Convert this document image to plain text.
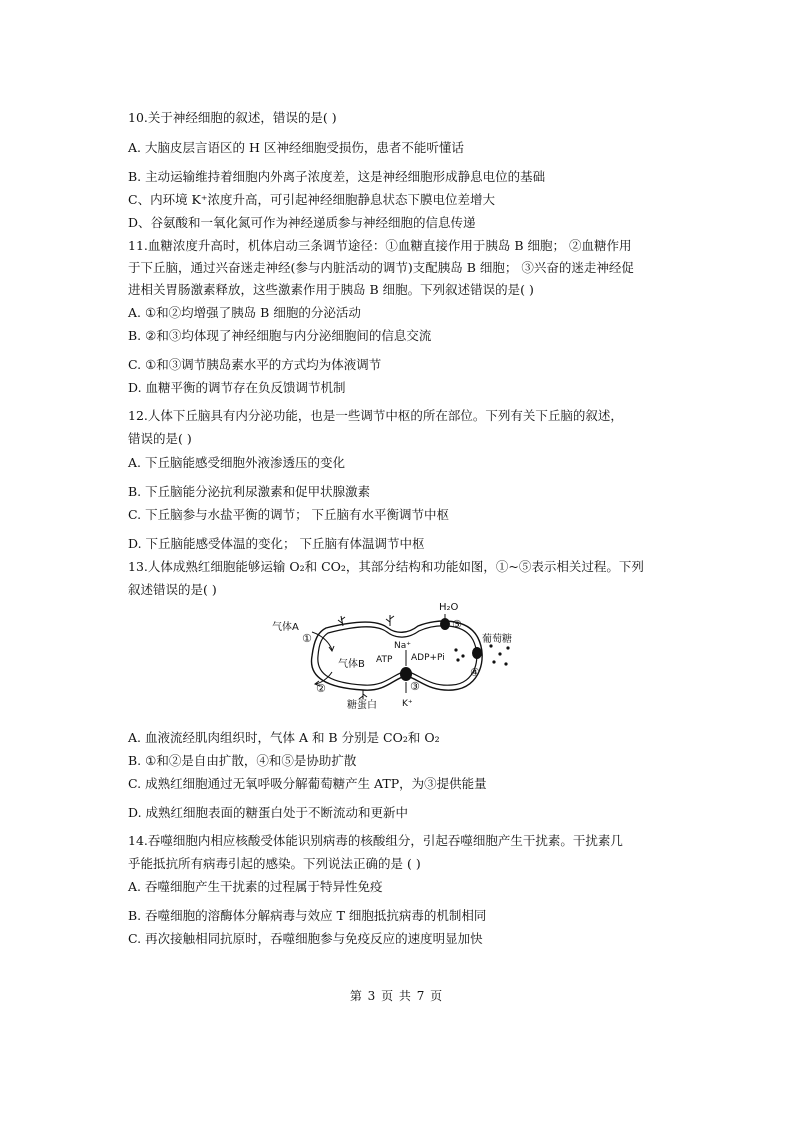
10.关于神经细胞的叙述，错误的是( )
A. 大脑皮层言语区的 H 区神经细胞受损伤，患者不能听懂话
B. 主动运输维持着细胞内外离子浓度差，这是神经细胞形成静息电位的基础
C、内环境 K⁺浓度升高，可引起神经细胞静息状态下膜电位差增大
D、谷氨酸和一氧化氮可作为神经递质参与神经细胞的信息传递
11.血糖浓度升高时，机体启动三条调节途径：①血糖直接作用于胰岛 B 细胞； ②血糖作用
于下丘脑，通过兴奋迷走神经(参与内脏活动的调节)支配胰岛 B 细胞； ③兴奋的迷走神经促
进相关胃肠激素释放，这些激素作用于胰岛 B 细胞。下列叙述错误的是( )
A. ①和②均增强了胰岛 B 细胞的分泌活动
B. ②和③均体现了神经细胞与内分泌细胞间的信息交流
C. ①和③调节胰岛素水平的方式均为体液调节
D. 血糖平衡的调节存在负反馈调节机制
12.人体下丘脑具有内分泌功能，也是一些调节中枢的所在部位。下列有关下丘脑的叙述，
错误的是( )
A. 下丘脑能感受细胞外液渗透压的变化
B. 下丘脑能分泌抗利尿激素和促甲状腺激素
C. 下丘脑参与水盐平衡的调节； 下丘脑有水平衡调节中枢
D. 下丘脑能感受体温的变化； 下丘脑有体温调节中枢
13.人体成熟红细胞能够运输 O₂和 CO₂，其部分结构和功能如图，①~⑤表示相关过程。下列
叙述错误的是( )
气体A
气体B
糖蛋白
H₂O
葡萄糖
Na⁺
K⁺
ATP ADP+Pi
①
②	③
④
⑤
A. 血液流经肌肉组织时，气体 A 和 B 分别是 CO₂和 O₂
B. ①和②是自由扩散，④和⑤是协助扩散
C. 成熟红细胞通过无氧呼吸分解葡萄糖产生 ATP，为③提供能量
D. 成熟红细胞表面的糖蛋白处于不断流动和更新中
14.吞噬细胞内相应核酸受体能识别病毒的核酸组分，引起吞噬细胞产生干扰素。干扰素几
乎能抵抗所有病毒引起的感染。下列说法正确的是 ( )
A. 吞噬细胞产生干扰素的过程属于特异性免疫
B. 吞噬细胞的溶酶体分解病毒与效应 T 细胞抵抗病毒的机制相同
C. 再次接触相同抗原时，吞噬细胞参与免疫反应的速度明显加快
第 3 页 共 7 页
